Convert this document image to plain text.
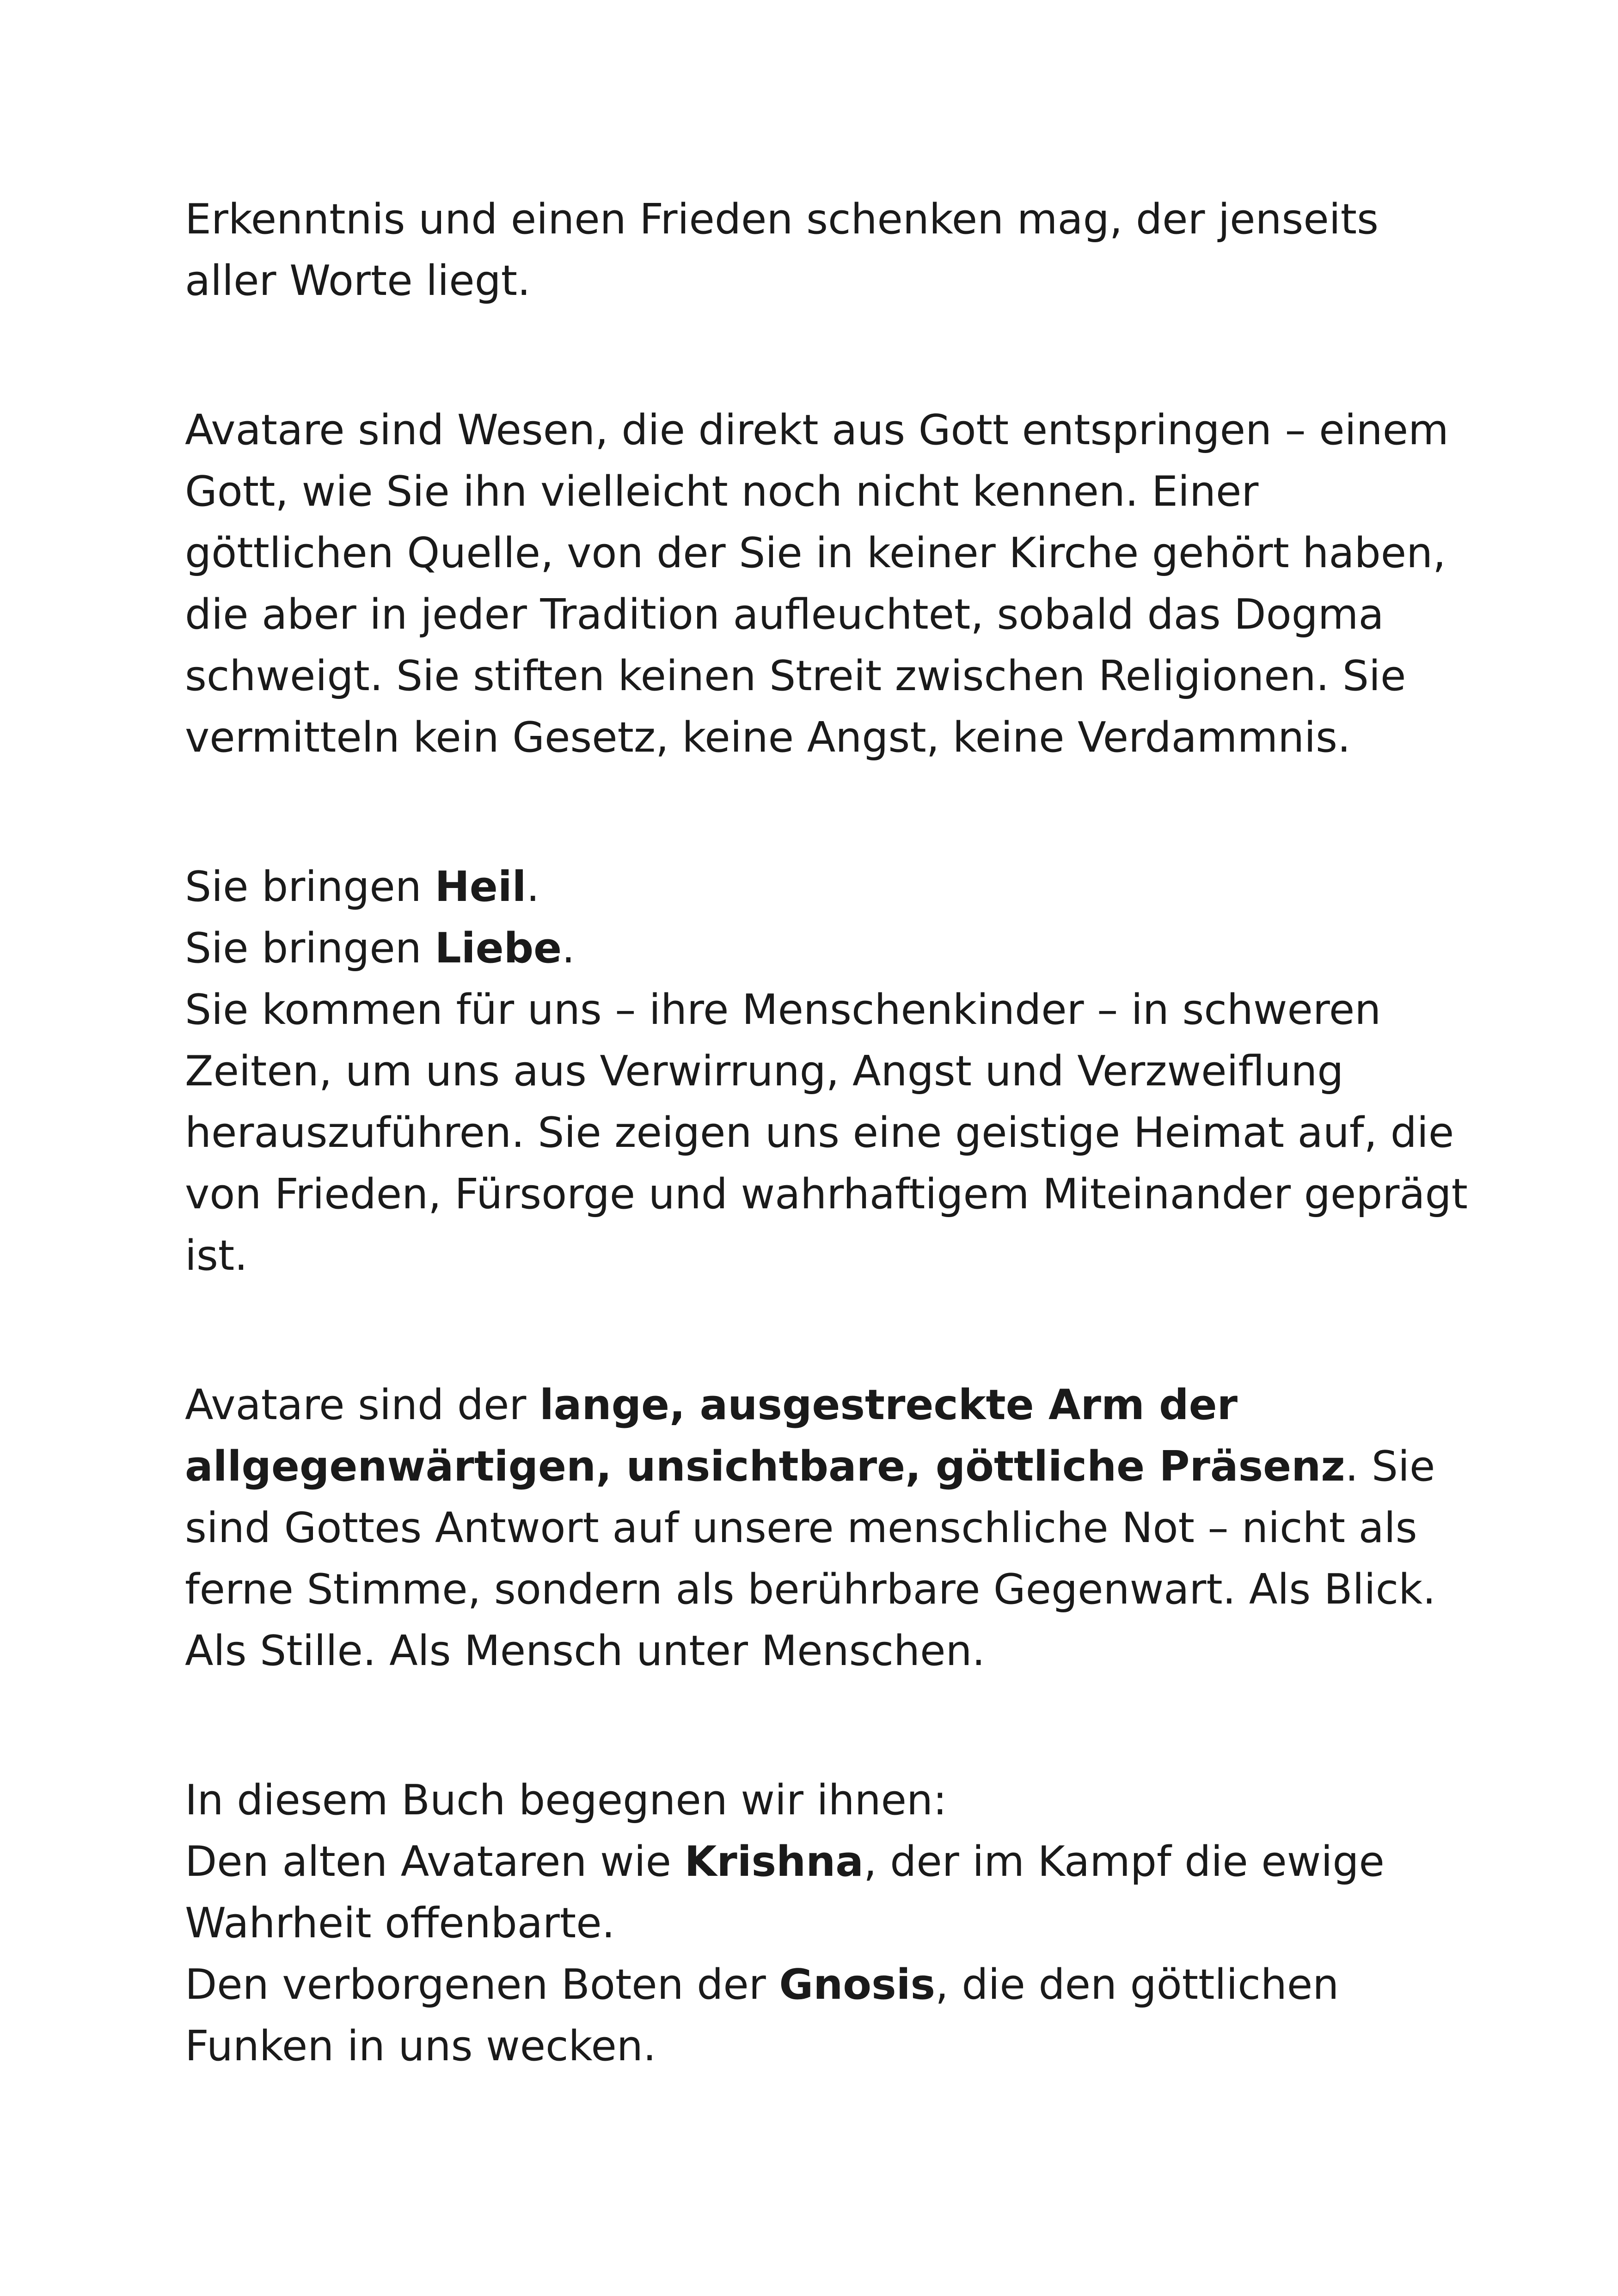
Erkenntnis und einen Frieden schenken mag, der jenseits aller Worte liegt.

Avatare sind Wesen, die direkt aus Gott entspringen – einem Gott, wie Sie ihn vielleicht noch nicht kennen. Einer göttlichen Quelle, von der Sie in keiner Kirche gehört haben, die aber in jeder Tradition aufleuchtet, sobald das Dogma schweigt. Sie stiften keinen Streit zwischen Religionen. Sie vermitteln kein Gesetz, keine Angst, keine Verdammnis.

Sie bringen Heil.
Sie bringen Liebe.
Sie kommen für uns – ihre Menschenkinder – in schweren Zeiten, um uns aus Verwirrung, Angst und Verzweiflung herauszuführen. Sie zeigen uns eine geistige Heimat auf, die von Frieden, Fürsorge und wahrhaftigem Miteinander geprägt ist.

Avatare sind der lange, ausgestreckte Arm der allgegenwärtigen, unsichtbare, göttliche Präsenz. Sie sind Gottes Antwort auf unsere menschliche Not – nicht als ferne Stimme, sondern als berührbare Gegenwart. Als Blick. Als Stille. Als Mensch unter Menschen.

In diesem Buch begegnen wir ihnen:
Den alten Avataren wie Krishna, der im Kampf die ewige Wahrheit offenbarte.
Den verborgenen Boten der Gnosis, die den göttlichen Funken in uns wecken.
